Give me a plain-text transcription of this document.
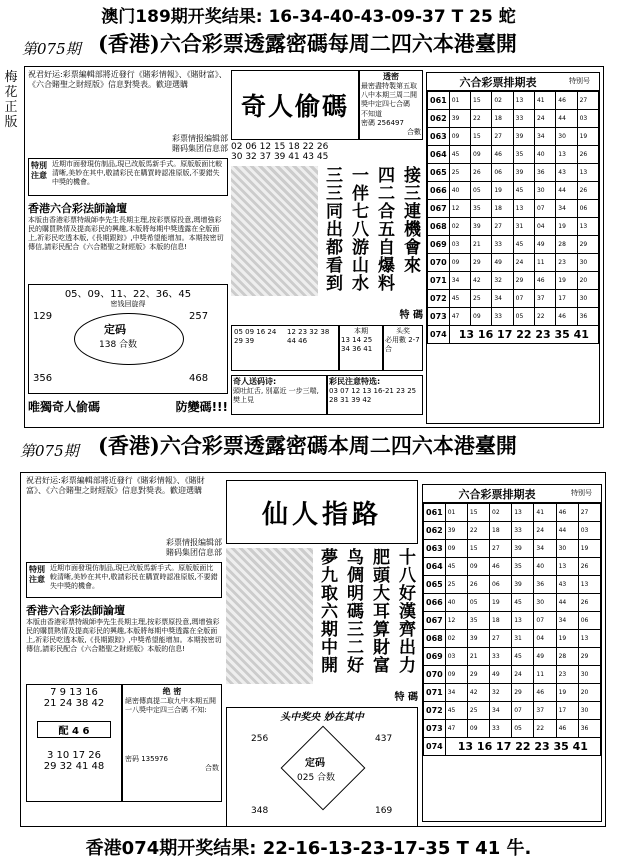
澳门189期开奖结果: 16-34-40-43-09-37 T 25 蛇
第075期 (香港)六合彩票透露密碼每周二四六本港臺開
梅花正版
祝君好运:彩票編輯部將近發行《賭彩情報》、《賭財富》、《六合賭聖之財經版》信息對獎表。歡迎選購
彩票情报编辑部
賭码集团信息部
特別注意
近期市面發現仿制品,現已改版馬新手式。原版版面比較清晰,美妙在其中,敬請彩民在購買時認准原版,不要錯失中獎的機會。
香港六合彩法師論壇
本版由香港彩票特級師李先生長期主理,按彩票原投意,瑪增強彩民的購買熱情及提高彩民的興趣,本版將每期中獎透露在全版面上,祈彩民吃透本版,《長期跟踪》,中獎希望能增加。本期按密切傳信,請彩民配合《六合賭聖之財經版》本版的信息!
05、09、11、22、36、45
密钱回旋得
定码
138 合数
129
356
257
468
唯獨奇人偷碼	防變碼!!!
奇人偷碼
透密
最密盡特製第五取八中本期三周二開獎中定四七合碼
不知道
密碼 256497
合數
02 06 12 15 18 22 26
30 32 37 39 41 43 45
接三連機會來
四二合五自爆料
一伴七八游山水
三三同出都看到
特 碼
05 09 16 24 29 39
12 23 32 38 44 46
本期
13 14 25 34 36 41
头奖
必用數 2-7 合
奇人送码诗:
頭吐紅舌, 別嘉近 一步三喘, 樊上見
彩民注意特选:
03 07 12 13 16-21 23 25 28 31 39 42
六合彩票排期表	特别号
061	01	15	02	13	41	46	27
062	39	22	18	33	24	44	03
063	09	15	27	39	34	30	19
064	45	09	46	35	40	13	26
065	25	26	06	39	36	43	13
066	40	05	19	45	30	44	26
067	12	35	18	13	07	34	06
068	02	39	27	31	04	19	13
069	03	21	33	45	49	28	29
070	09	29	49	24	11	23	30
071	34	42	32	29	46	19	20
072	45	25	34	07	37	17	30
073	47	09	33	05	22	46	36
074	13 16 17 22 23 35 41						
第075期 (香港)六合彩票透露密碼本周二四六本港臺開
祝君好运:彩票編輯部將近發行《賭彩情報》、《賭財富》、《六合賭聖之財經版》信息對獎表。歡迎選購
彩票情报编辑部
賭码集团信息部
特別注意
近期市面發現仿制品,現已改版馬新手式。原版版面比較清晰,美妙在其中,敬請彩民在購買時認准原版,不要錯失中獎的機會。
香港六合彩法師論壇
本版由香港彩票特級師李先生長期主理,按彩票原投意,瑪增強彩民的購買熱情及提高彩民的興趣,本版將每期中獎透露在全版面上,祈彩民吃透本版,《長期跟踪》,中獎希望能增加。本期按密切傳信,請彩民配合《六合賭聖之財經版》本版的信息!
7 9 13 16
21 24 38 42
配 4 6
3 10 17 26
29 32 41 48
绝 密
絕密傳真提二取九中本期五開一八獎中定四三合碼 不知:
密码 135976
合数
仙人指路
十八好漢齊出力
肥頭大耳算財富
鸟倜明碼三二好
夢九取六期中開
特 碼
头中奖央 妙在其中
定码
025 合数
256	437
348	169
六合彩票排期表	特别号
061	01	15	02	13	41	46	27
062	39	22	18	33	24	44	03
063	09	15	27	39	34	30	19
064	45	09	46	35	40	13	26
065	25	26	06	39	36	43	13
066	40	05	19	45	30	44	26
067	12	35	18	13	07	34	06
068	02	39	27	31	04	19	13
069	03	21	33	45	49	28	29
070	09	29	49	24	11	23	30
071	34	42	32	29	46	19	20
072	45	25	34	07	37	17	30
073	47	09	33	05	22	46	36
074	13 16 17 22 23 35 41						
香港074期开奖结果: 22-16-13-23-17-35 T 41 牛.
